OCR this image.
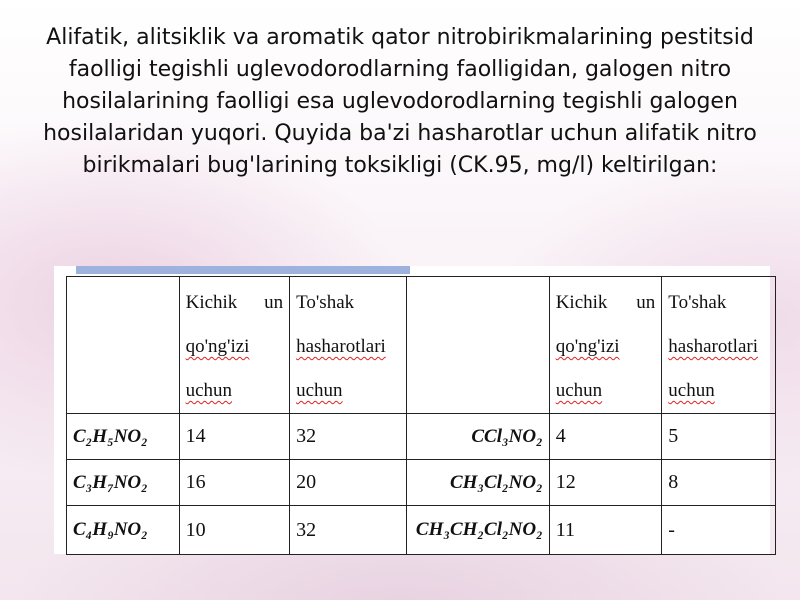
Alifatik, alitsiklik va aromatik qator nitrobirikmalarining pestitsid faolligi tegishli uglevodorodlarning faolligidan, galogen nitro hosilalarining faolligi esa uglevodorodlarning tegishli galogen hosilalaridan yuqori. Quyida ba'zi hasharotlar uchun alifatik nitro birikmalari bug'larining toksikligi (CK.95, mg/l) keltirilgan:

	Kichik un
qo'ng'izi
uchun	To'shak
hasharotlari
uchun		Kichik un
qo'ng'izi
uchun	To'shak
hasharotlari
uchun

C₂H₅NO₂	14	32	CCl₃NO₂	4	5
C₃H₇NO₂	16	20	CH₃Cl₂NO₂	12	8
C₄H₉NO₂	10	32	CH₃CH₂Cl₂NO₂	11	-
